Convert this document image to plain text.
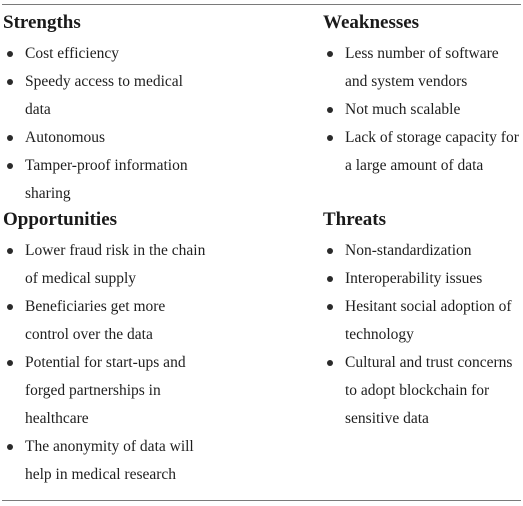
Strengths
Cost efficiency
Speedy access to medical data
Autonomous
Tamper-proof information sharing
Weaknesses
Less number of software and system vendors
Not much scalable
Lack of storage capacity for a large amount of data
Opportunities
Lower fraud risk in the chain of medical supply
Beneficiaries get more control over the data
Potential for start-ups and forged partnerships in healthcare
The anonymity of data will help in medical research
Threats
Non-standardization
Interoperability issues
Hesitant social adoption of technology
Cultural and trust concerns to adopt blockchain for sensitive data
